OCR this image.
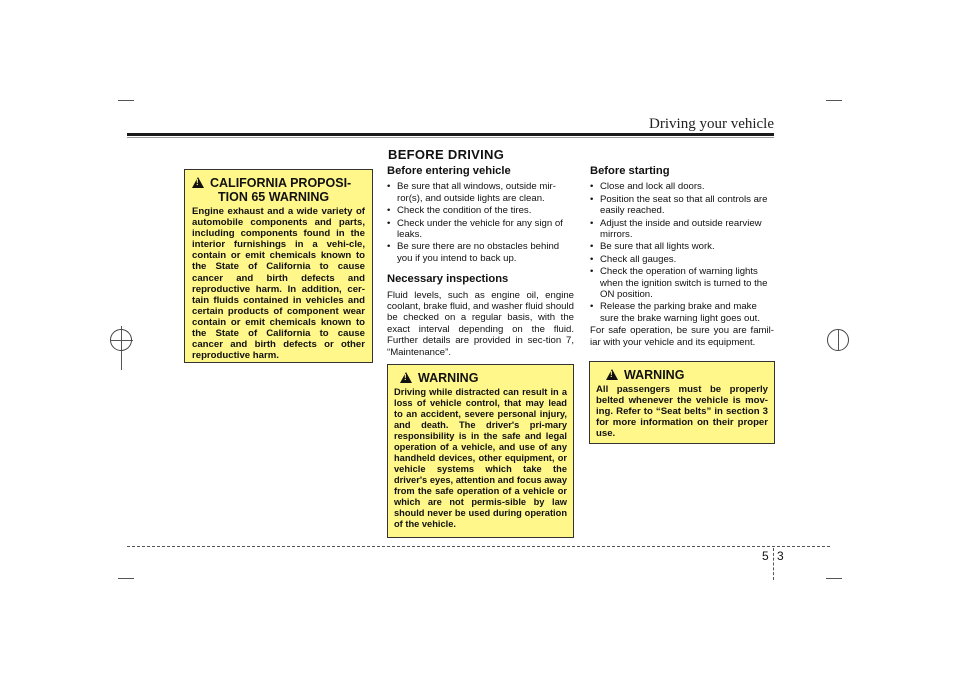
Driving your vehicle
BEFORE DRIVING
!
CALIFORNIA PROPOSI-
TION 65 WARNING
Engine exhaust and a wide variety of automobile components and parts, including components found in the interior furnishings in a vehi-cle, contain or emit chemicals known to the State of California to cause cancer and birth defects and reproductive harm. In addition, cer-tain fluids contained in vehicles and certain products of component wear contain or emit chemicals known to the State of California to cause cancer and birth defects or other reproductive harm.
Before entering vehicle
• Be sure that all windows, outside mir-ror(s), and outside lights are clean.
• Check the condition of the tires.
• Check under the vehicle for any sign of leaks.
• Be sure there are no obstacles behind you if you intend to back up.
Necessary inspections
Fluid levels, such as engine oil, engine coolant, brake fluid, and washer fluid should be checked on a regular basis, with the exact interval depending on the fluid. Further details are provided in sec-tion 7, “Maintenance”.
!
WARNING
Driving while distracted can result in a loss of vehicle control, that may lead to an accident, severe personal injury, and death. The driver's pri-mary responsibility is in the safe and legal operation of a vehicle, and use of any handheld devices, other equipment, or vehicle systems which take the driver's eyes, attention and focus away from the safe operation of a vehicle or which are not permis-sible by law should never be used during operation of the vehicle.
Before starting
• Close and lock all doors.
• Position the seat so that all controls are easily reached.
• Adjust the inside and outside rearview mirrors.
• Be sure that all lights work.
• Check all gauges.
• Check the operation of warning lights when the ignition switch is turned to the ON position.
• Release the parking brake and make sure the brake warning light goes out.
For safe operation, be sure you are famil-iar with your vehicle and its equipment.
!
WARNING
All passengers must be properly belted whenever the vehicle is mov-ing. Refer to “Seat belts” in section 3 for more information on their proper use.
5 3
